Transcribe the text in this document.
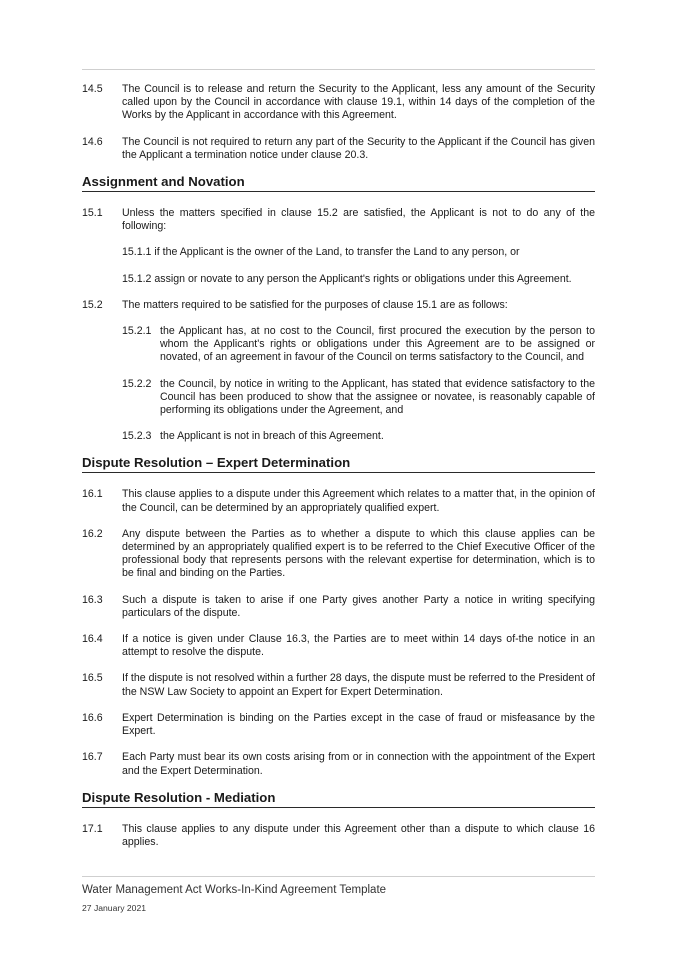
14.5	The Council is to release and return the Security to the Applicant, less any amount of the Security called upon by the Council in accordance with clause 19.1, within 14 days of the completion of the Works by the Applicant in accordance with this Agreement.
14.6	The Council is not required to return any part of the Security to the Applicant if the Council has given the Applicant a termination notice under clause 20.3.
Assignment and Novation
15.1	Unless the matters specified in clause 15.2 are satisfied, the Applicant is not to do any of the following:
15.1.1 if the Applicant is the owner of the Land, to transfer the Land to any person, or
15.1.2 assign or novate to any person the Applicant's rights or obligations under this Agreement.
15.2	The matters required to be satisfied for the purposes of clause 15.1 are as follows:
15.2.1 the Applicant has, at no cost to the Council, first procured the execution by the person to whom the Applicant's rights or obligations under this Agreement are to be assigned or novated, of an agreement in favour of the Council on terms satisfactory to the Council, and
15.2.2 the Council, by notice in writing to the Applicant, has stated that evidence satisfactory to the Council has been produced to show that the assignee or novatee, is reasonably capable of performing its obligations under the Agreement, and
15.2.3 the Applicant is not in breach of this Agreement.
Dispute Resolution – Expert Determination
16.1	This clause applies to a dispute under this Agreement which relates to a matter that, in the opinion of the Council, can be determined by an appropriately qualified expert.
16.2	Any dispute between the Parties as to whether a dispute to which this clause applies can be determined by an appropriately qualified expert is to be referred to the Chief Executive Officer of the professional body that represents persons with the relevant expertise for determination, which is to be final and binding on the Parties.
16.3	Such a dispute is taken to arise if one Party gives another Party a notice in writing specifying particulars of the dispute.
16.4	If a notice is given under Clause 16.3, the Parties are to meet within 14 days of-the notice in an attempt to resolve the dispute.
16.5	If the dispute is not resolved within a further 28 days, the dispute must be referred to the President of the NSW Law Society to appoint an Expert for Expert Determination.
16.6	Expert Determination is binding on the Parties except in the case of fraud or misfeasance by the Expert.
16.7	Each Party must bear its own costs arising from or in connection with the appointment of the Expert and the Expert Determination.
Dispute Resolution - Mediation
17.1	This clause applies to any dispute under this Agreement other than a dispute to which clause 16 applies.
Water Management Act Works-In-Kind Agreement Template
27 January 2021
